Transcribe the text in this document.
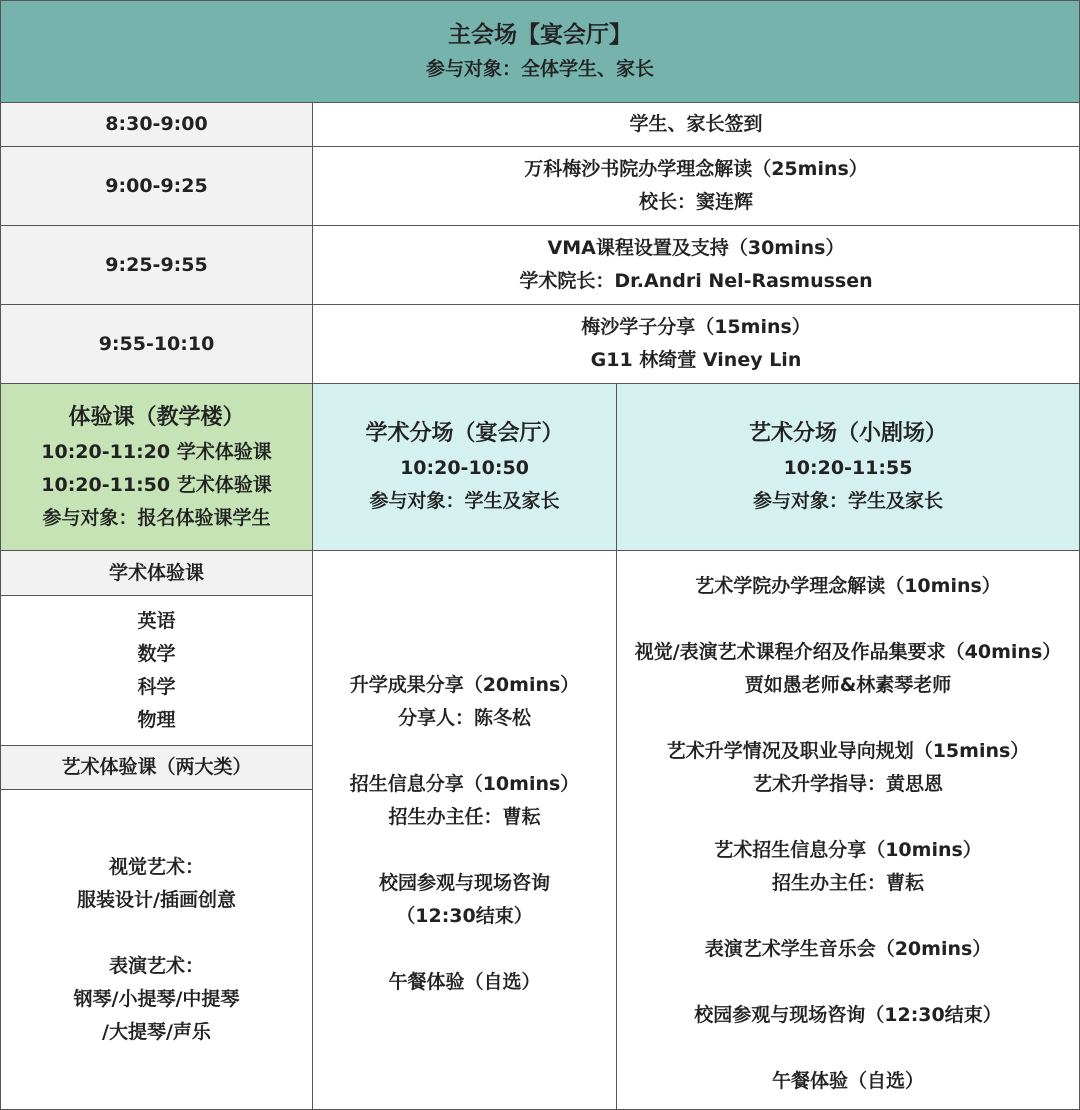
主会场【宴会厅】
参与对象：全体学生、家长
8:30-9:00	学生、家长签到
9:00-9:25
万科梅沙书院办学理念解读（25mins）
校长：窦连辉
9:25-9:55
VMA课程设置及支持（30mins）
学术院长：Dr.Andri Nel-Rasmussen
9:55-10:10
梅沙学子分享（15mins）
G11 林绮萱 Viney Lin
体验课（教学楼）
10:20-11:20 学术体验课
10:20-11:50 艺术体验课
参与对象：报名体验课学生
学术分场（宴会厅）
10:20-10:50
参与对象：学生及家长
艺术分场（小剧场）
10:20-11:55
参与对象：学生及家长
学术体验课
英语
数学
科学
物理
艺术体验课（两大类）
视觉艺术：
服装设计/插画创意
表演艺术：
钢琴/小提琴/中提琴
/大提琴/声乐
升学成果分享（20mins）
分享人：陈冬松
招生信息分享（10mins）
招生办主任：曹耘
校园参观与现场咨询
（12:30结束）
午餐体验（自选）
艺术学院办学理念解读（10mins）
视觉/表演艺术课程介绍及作品集要求（40mins）
贾如愚老师&林素琴老师
艺术升学情况及职业导向规划（15mins）
艺术升学指导：黄思恩
艺术招生信息分享（10mins）
招生办主任：曹耘
表演艺术学生音乐会（20mins）
校园参观与现场咨询（12:30结束）
午餐体验（自选）
